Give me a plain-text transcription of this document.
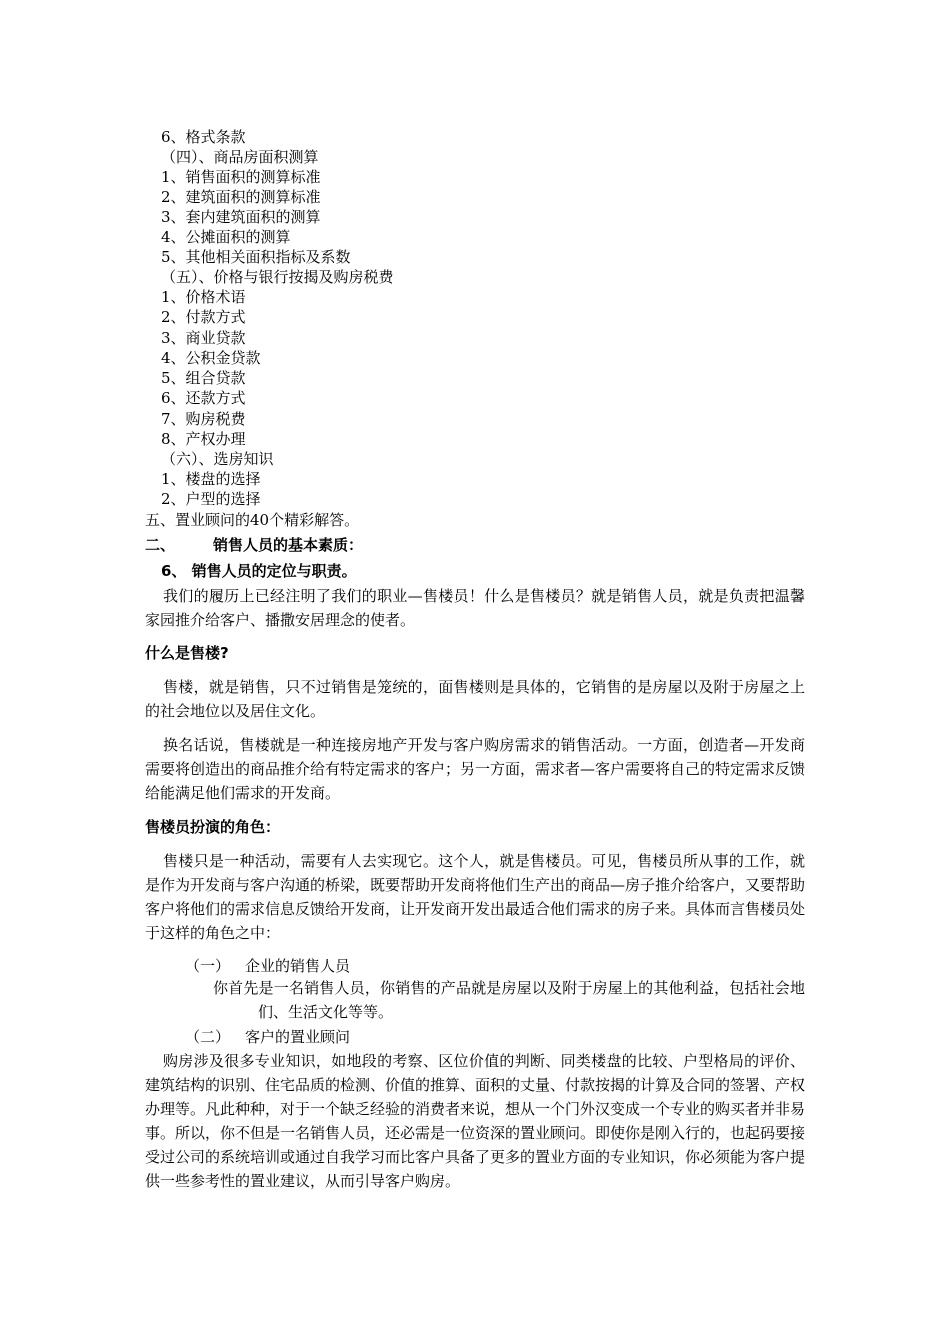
6、格式条款
（四）、商品房面积测算
1、销售面积的测算标准
2、建筑面积的测算标准
3、套内建筑面积的测算
4、公摊面积的测算
5、其他相关面积指标及系数
（五）、价格与银行按揭及购房税费
1、价格术语
2、付款方式
3、商业贷款
4、公积金贷款
5、组合贷款
6、还款方式
7、购房税费
8、产权办理
（六）、选房知识
1、楼盘的选择
2、户型的选择
五、置业顾问的40个精彩解答。
二、	销售人员的基本素质：
6、 销售人员的定位与职责。
我们的履历上已经注明了我们的职业—售楼员！什么是售楼员？就是销售人员，就是负责把温馨家园推介给客户、播撒安居理念的使者。
什么是售楼?
售楼，就是销售，只不过销售是笼统的，面售楼则是具体的，它销售的是房屋以及附于房屋之上的社会地位以及居住文化。
换名话说，售楼就是一种连接房地产开发与客户购房需求的销售活动。一方面，创造者—开发商需要将创造出的商品推介给有特定需求的客户；另一方面，需求者—客户需要将自己的特定需求反馈给能满足他们需求的开发商。
售楼员扮演的角色：
售楼只是一种活动，需要有人去实现它。这个人，就是售楼员。可见，售楼员所从事的工作，就是作为开发商与客户沟通的桥梁，既要帮助开发商将他们生产出的商品—房子推介给客户，又要帮助客户将他们的需求信息反馈给开发商，让开发商开发出最适合他们需求的房子来。具体而言售楼员处于这样的角色之中：
（一） 企业的销售人员
你首先是一名销售人员，你销售的产品就是房屋以及附于房屋上的其他利益，包括社会地们、生活文化等等。
（二） 客户的置业顾问
购房涉及很多专业知识，如地段的考察、区位价值的判断、同类楼盘的比较、户型格局的评价、建筑结构的识别、住宅品质的检测、价值的推算、面积的丈量、付款按揭的计算及合同的签署、产权办理等。凡此种种，对于一个缺乏经验的消费者来说，想从一个门外汉变成一个专业的购买者并非易事。所以，你不但是一名销售人员，还必需是一位资深的置业顾问。即使你是刚入行的，也起码要接受过公司的系统培训或通过自我学习而比客户具备了更多的置业方面的专业知识，你必须能为客户提供一些参考性的置业建议，从而引导客户购房。
